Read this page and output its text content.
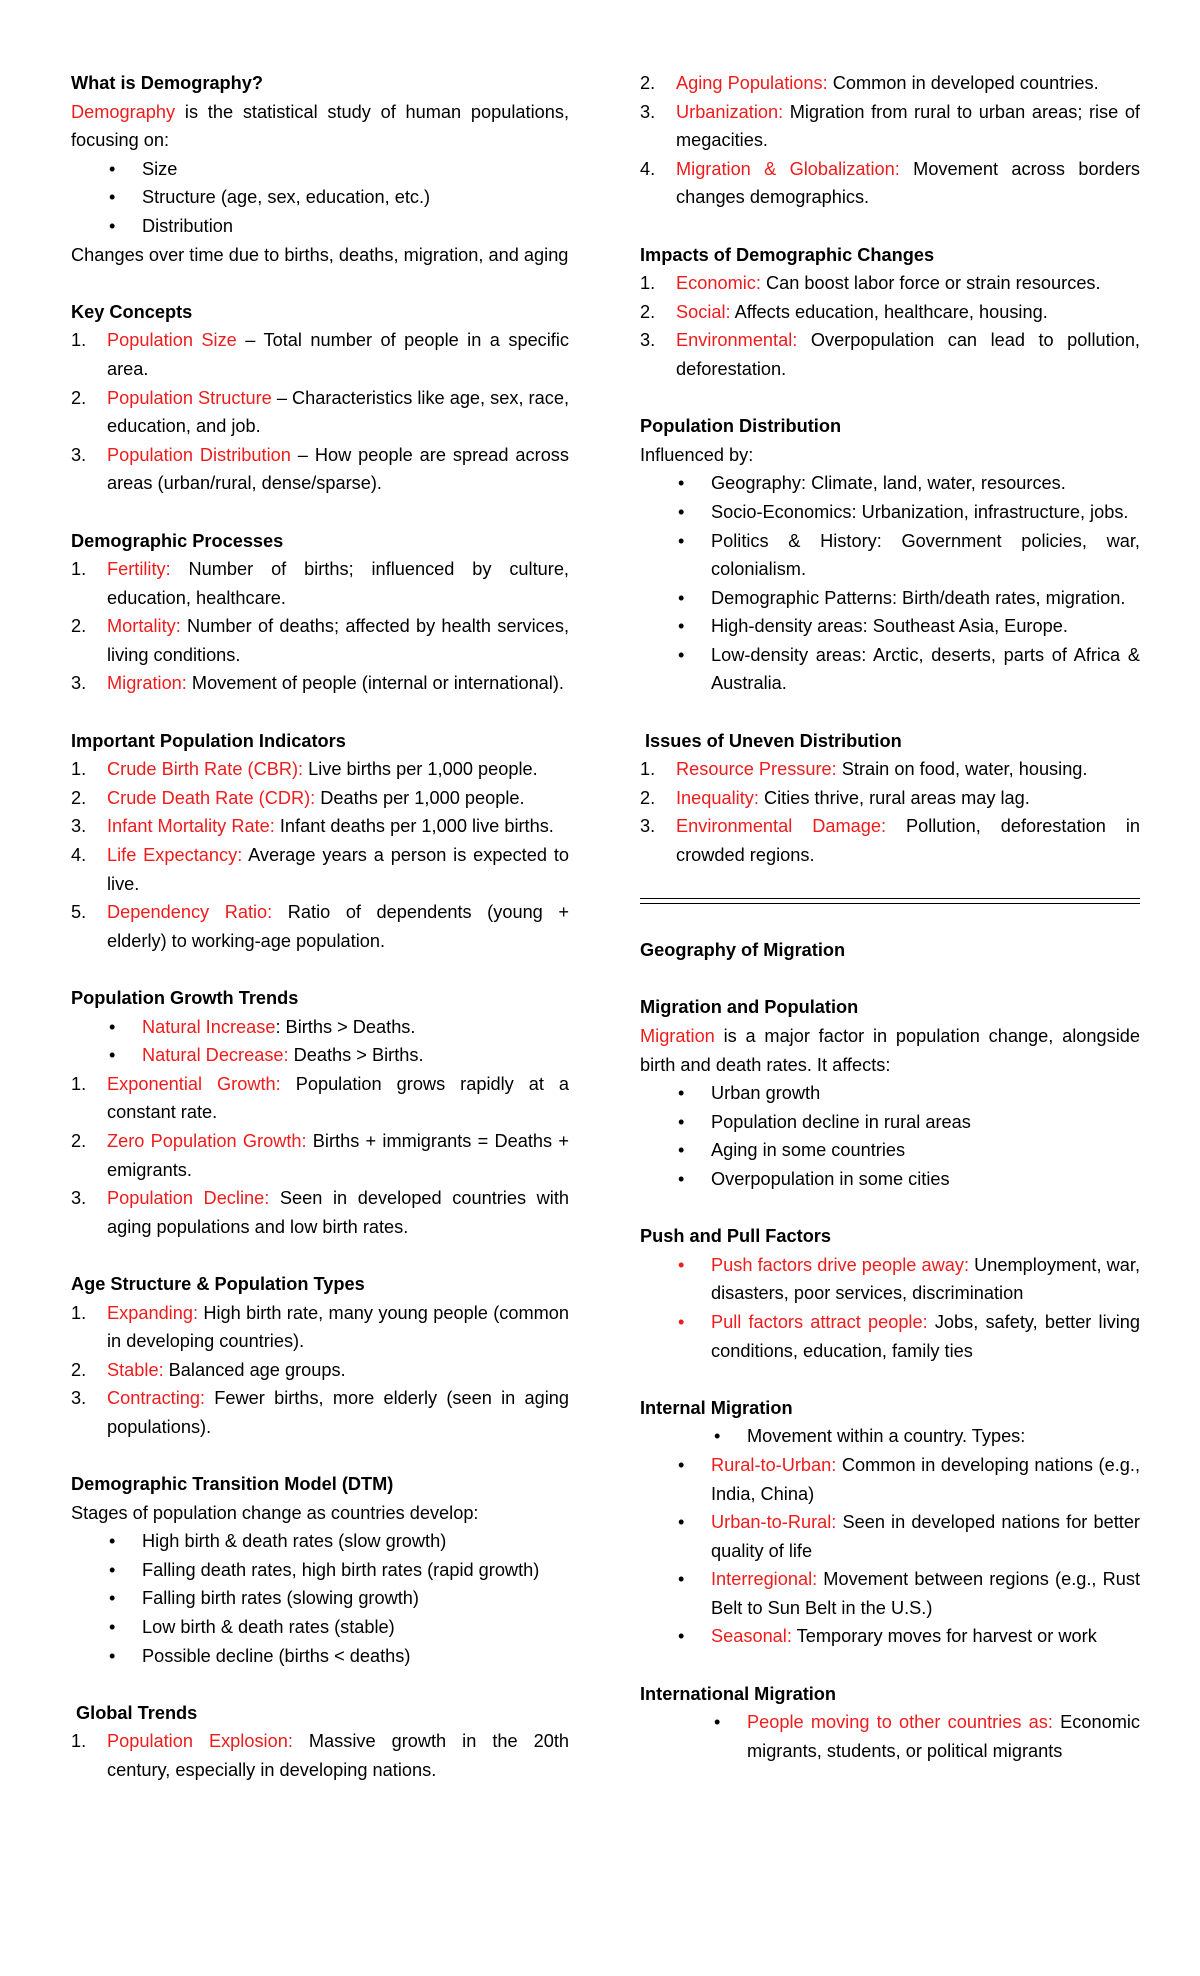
What is Demography?

Demography is the statistical study of human populations, focusing on:

• Size
• Structure (age, sex, education, etc.)
• Distribution

Changes over time due to births, deaths, migration, and aging

Key Concepts
1. Population Size – Total number of people in a specific area.
2. Population Structure – Characteristics like age, sex, race, education, and job.
3. Population Distribution – How people are spread across areas (urban/rural, dense/sparse).
Demographic Processes
1. Fertility: Number of births; influenced by culture, education, healthcare.
2. Mortality: Number of deaths; affected by health services, living conditions.
3. Migration: Movement of people (internal or international).
Important Population Indicators
1. Crude Birth Rate (CBR): Live births per 1,000 people.
2. Crude Death Rate (CDR): Deaths per 1,000 people.
3. Infant Mortality Rate: Infant deaths per 1,000 live births.
4. Life Expectancy: Average years a person is expected to live.
5. Dependency Ratio: Ratio of dependents (young + elderly) to working-age population.
Population Growth Trends
• Natural Increase: Births > Deaths.
• Natural Decrease: Deaths > Births.
1. Exponential Growth: Population grows rapidly at a constant rate.
2. Zero Population Growth: Births + immigrants = Deaths + emigrants.
3. Population Decline: Seen in developed countries with aging populations and low birth rates.
Age Structure & Population Types
1. Expanding: High birth rate, many young people (common in developing countries).
2. Stable: Balanced age groups.
3. Contracting: Fewer births, more elderly (seen in aging populations).
Demographic Transition Model (DTM)

Stages of population change as countries develop:

• High birth & death rates (slow growth)
• Falling death rates, high birth rates (rapid growth)
• Falling birth rates (slowing growth)
• Low birth & death rates (stable)
• Possible decline (births < deaths)
Global Trends
1. Population Explosion: Massive growth in the 20th century, especially in developing nations.
2. Aging Populations: Common in developed countries.
3. Urbanization: Migration from rural to urban areas; rise of megacities.
4. Migration & Globalization: Movement across borders changes demographics.
Impacts of Demographic Changes
1. Economic: Can boost labor force or strain resources.
2. Social: Affects education, healthcare, housing.
3. Environmental: Overpopulation can lead to pollution, deforestation.
Population Distribution

Influenced by:

• Geography: Climate, land, water, resources.
• Socio-Economics: Urbanization, infrastructure, jobs.
• Politics & History: Government policies, war, colonialism.
• Demographic Patterns: Birth/death rates, migration.
• High-density areas: Southeast Asia, Europe.
• Low-density areas: Arctic, deserts, parts of Africa & Australia.
Issues of Uneven Distribution
1. Resource Pressure: Strain on food, water, housing.
2. Inequality: Cities thrive, rural areas may lag.
3. Environmental Damage: Pollution, deforestation in crowded regions.
Geography of Migration
Migration and Population

Migration is a major factor in population change, alongside birth and death rates. It affects:

• Urban growth
• Population decline in rural areas
• Aging in some countries
• Overpopulation in some cities
Push and Pull Factors
• Push factors drive people away: Unemployment, war, disasters, poor services, discrimination
• Pull factors attract people: Jobs, safety, better living conditions, education, family ties
Internal Migration
• Movement within a country. Types:
• Rural-to-Urban: Common in developing nations (e.g., India, China)
• Urban-to-Rural: Seen in developed nations for better quality of life
• Interregional: Movement between regions (e.g., Rust Belt to Sun Belt in the U.S.)
• Seasonal: Temporary moves for harvest or work
International Migration
• People moving to other countries as: Economic migrants, students, or political migrants
